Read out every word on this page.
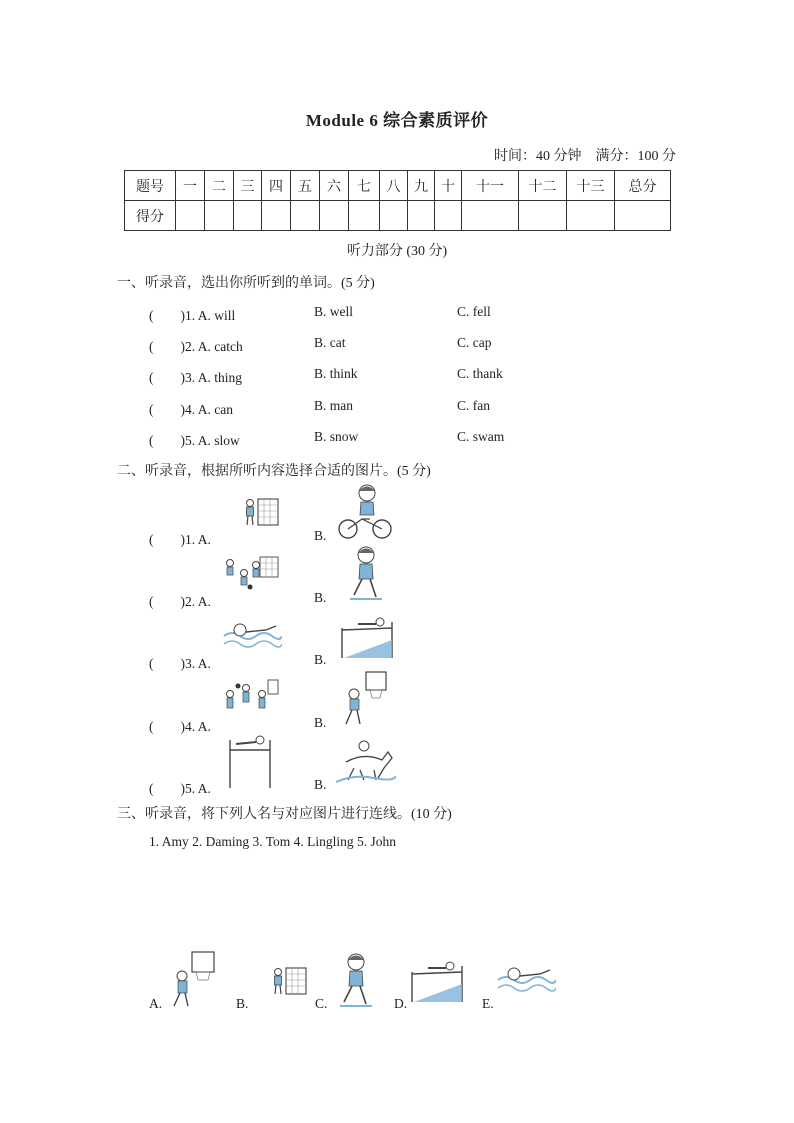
Module 6 综合素质评价
时间：40 分钟　满分：100 分
题号	一	二	三	四	五	六	七	八	九	十	十一	十二	十三	总分
得分														
听力部分 (30 分)
一、听录音，选出你所听到的单词。(5 分)
(　　)1. A. will	B. well	C. fell
(　　)2. A. catch	B. cat	C. cap
(　　)3. A. thing	B. think	C. thank
(　　)4. A. can	B. man	C. fan
(　　)5. A. slow	B. snow	C. swam
二、听录音，根据所听内容选择合适的图片。(5 分)
(　　)1. A.	B.
(　　)2. A.	B.
(　　)3. A.	B.
(　　)4. A.	B.
(　　)5. A.	B.
三、听录音，将下列人名与对应图片进行连线。(10 分)
1. Amy 2. Daming 3. Tom 4. Lingling 5. John
A.	B.	C.	D.	E.
